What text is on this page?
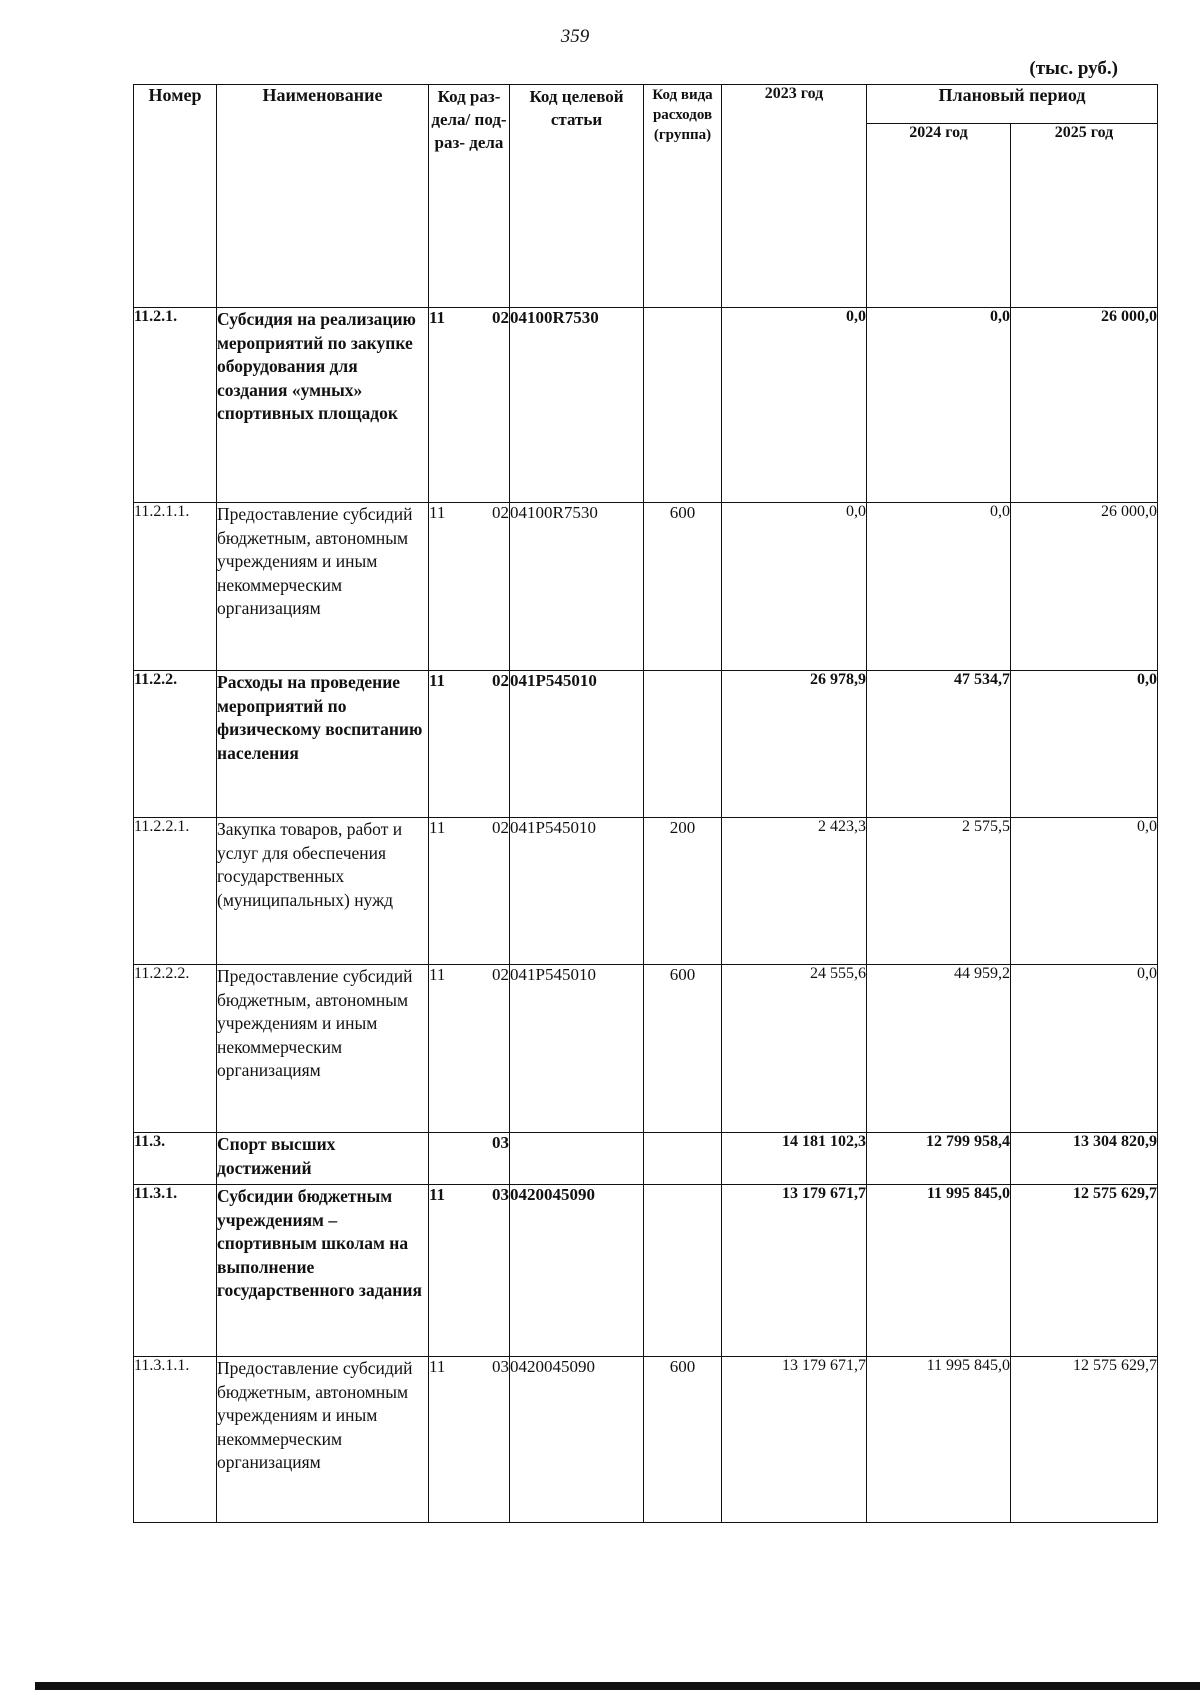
359
(тыс. руб.)
Номер	Наименование	Код раз- дела/ под- раз- дела	Код целевой статьи	Код вида расходов (группа)	2023 год	Плановый период	
						2024 год	2025 год
11.2.1.	Субсидия на реализацию мероприятий по закупке оборудования для создания «умных» спортивных площадок	11 02	04100R7530		0,0	0,0	26 000,0
11.2.1.1.	Предоставление субсидий бюджетным, автономным учреждениям и иным некоммерческим организациям	11 02	04100R7530	600	0,0	0,0	26 000,0
11.2.2.	Расходы на проведение мероприятий по физическому воспитанию населения	11 02	041P545010		26 978,9	47 534,7	0,0
11.2.2.1.	Закупка товаров, работ и услуг для обеспечения государственных (муниципальных) нужд	11 02	041P545010	200	2 423,3	2 575,5	0,0
11.2.2.2.	Предоставление субсидий бюджетным, автономным учреждениям и иным некоммерческим организациям	11 02	041P545010	600	24 555,6	44 959,2	0,0
11.3.	Спорт высших достижений	03			14 181 102,3	12 799 958,4	13 304 820,9
11.3.1.	Субсидии бюджетным учреждениям – спортивным школам на выполнение государственного задания	11 03	0420045090		13 179 671,7	11 995 845,0	12 575 629,7
11.3.1.1.	Предоставление субсидий бюджетным, автономным учреждениям и иным некоммерческим организациям	11 03	0420045090	600	13 179 671,7	11 995 845,0	12 575 629,7
